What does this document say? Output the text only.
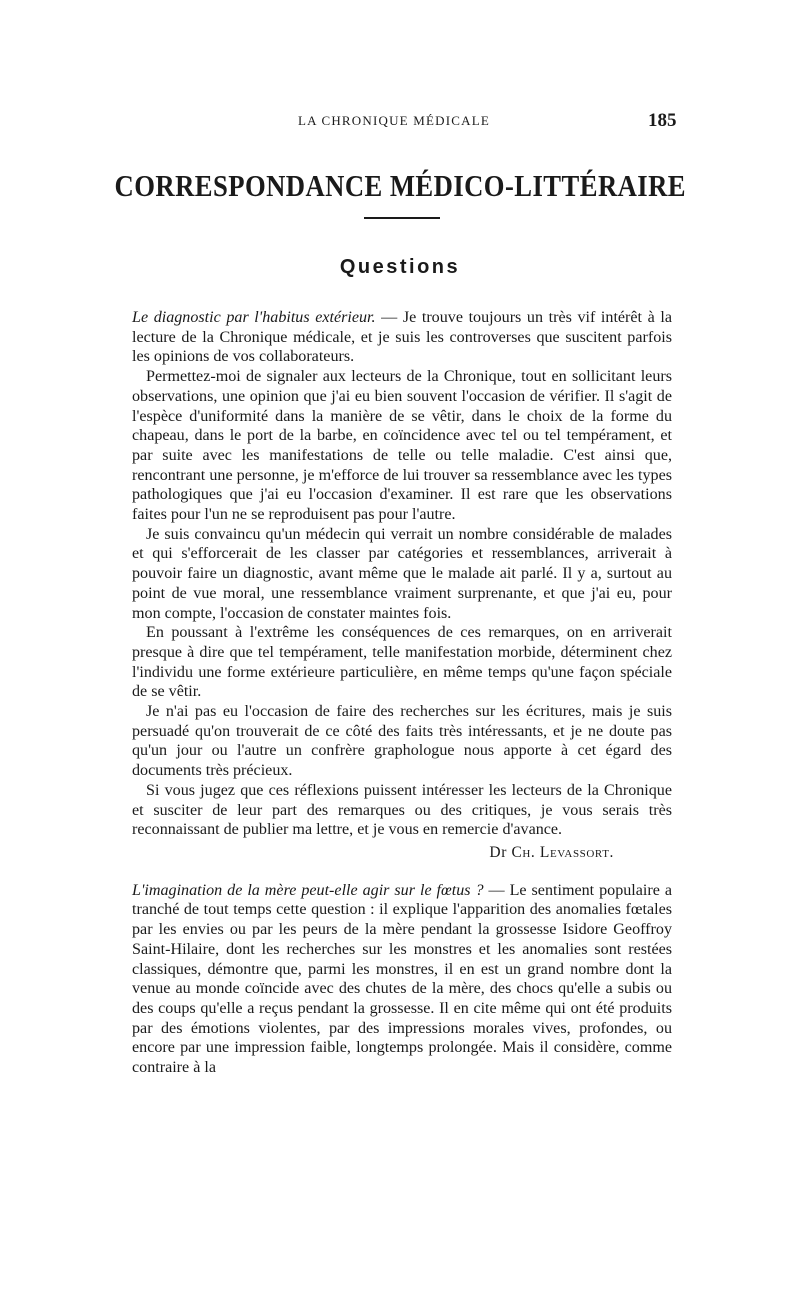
LA CHRONIQUE MÉDICALE	185
CORRESPONDANCE MÉDICO-LITTÉRAIRE
Questions

Le diagnostic par l'habitus extérieur. — Je trouve toujours un très vif intérêt à la lecture de la Chronique médicale, et je suis les controverses que suscitent parfois les opinions de vos collaborateurs.

Permettez-moi de signaler aux lecteurs de la Chronique, tout en sollicitant leurs observations, une opinion que j'ai eu bien souvent l'occasion de vérifier. Il s'agit de l'espèce d'uniformité dans la manière de se vêtir, dans le choix de la forme du chapeau, dans le port de la barbe, en coïncidence avec tel ou tel tempérament, et par suite avec les manifestations de telle ou telle maladie. C'est ainsi que, rencontrant une personne, je m'efforce de lui trouver sa ressemblance avec les types pathologiques que j'ai eu l'occasion d'examiner. Il est rare que les observations faites pour l'un ne se reproduisent pas pour l'autre.

Je suis convaincu qu'un médecin qui verrait un nombre considérable de malades et qui s'efforcerait de les classer par catégories et ressemblances, arriverait à pouvoir faire un diagnostic, avant même que le malade ait parlé. Il y a, surtout au point de vue moral, une ressemblance vraiment surprenante, et que j'ai eu, pour mon compte, l'occasion de constater maintes fois.

En poussant à l'extrême les conséquences de ces remarques, on en arriverait presque à dire que tel tempérament, telle manifestation morbide, déterminent chez l'individu une forme extérieure particulière, en même temps qu'une façon spéciale de se vêtir.

Je n'ai pas eu l'occasion de faire des recherches sur les écritures, mais je suis persuadé qu'on trouverait de ce côté des faits très intéressants, et je ne doute pas qu'un jour ou l'autre un confrère graphologue nous apporte à cet égard des documents très précieux.

Si vous jugez que ces réflexions puissent intéresser les lecteurs de la Chronique et susciter de leur part des remarques ou des critiques, je vous serais très reconnaissant de publier ma lettre, et je vous en remercie d'avance.

Dr Ch. Levassort.

L'imagination de la mère peut-elle agir sur le fœtus ? — Le sentiment populaire a tranché de tout temps cette question : il explique l'apparition des anomalies fœtales par les envies ou par les peurs de la mère pendant la grossesse Isidore Geoffroy Saint-Hilaire, dont les recherches sur les monstres et les anomalies sont restées classiques, démontre que, parmi les monstres, il en est un grand nombre dont la venue au monde coïncide avec des chutes de la mère, des chocs qu'elle a subis ou des coups qu'elle a reçus pendant la grossesse. Il en cite même qui ont été produits par des émotions violentes, par des impressions morales vives, profondes, ou encore par une impression faible, longtemps prolongée. Mais il considère, comme contraire à la
